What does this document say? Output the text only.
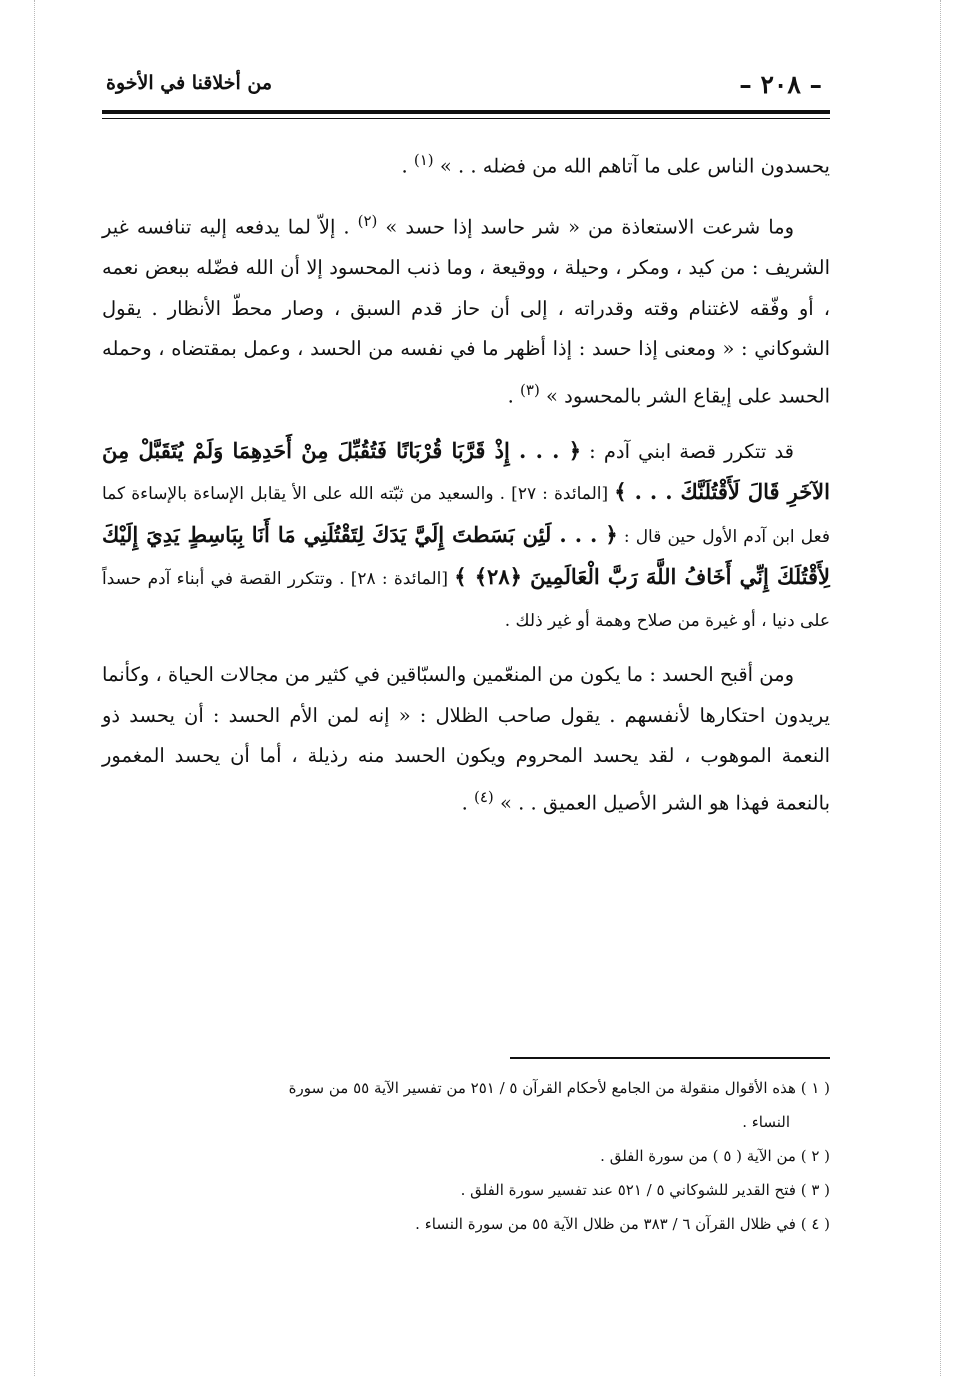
– ٢٠٨ –
من أخلاقنا في الأخوة

يحسدون الناس على ما آتاهم الله من فضله . . » $^{(١)}$ .

وما شرعت الاستعاذة من « شر حاسد إذا حسد » $^{(٢)}$ . إلاّ لما يدفعه إليه تنافسه غير الشريف : من كيد ، ومكر ، وحيلة ، ووقيعة ، وما ذنب المحسود إلا أن الله فضّله ببعض نعمه ، أو وفّقه لاغتنام وقته وقدراته ، إلى أن حاز قدم السبق ، وصار محطّ الأنظار . يقول الشوكاني : « ومعنى إذا حسد : إذا أظهر ما في نفسه من الحسد ، وعمل بمقتضاه ، وحمله الحسد على إيقاع الشر بالمحسود » $^{(٣)}$ .

قد تتكرر قصة ابني آدم : ﴿ . . . إِذْ قَرَّبَا قُرْبَانًا فَتُقُبِّلَ مِنْ أَحَدِهِمَا وَلَمْ يُتَقَبَّلْ مِنَ الآخَرِ قَالَ لَأَقْتُلَنَّكَ . . . ﴾ [المائدة : ٢٧] . والسعيد من ثبّته الله على الأ يقابل الإساءة بالإساءة كما فعل ابن آدم الأول حين قال : ﴿ . . . لَئِن بَسَطتَ إِلَيَّ يَدَكَ لِتَقْتُلَنِي مَا أَنَا بِبَاسِطٍ يَدِيَ إِلَيْكَ لِأَقْتُلَكَ إِنِّي أَخَافُ اللَّهَ رَبَّ الْعَالَمِينَ ﴿٢٨﴾ ﴾ [المائدة : ٢٨] . وتتكرر القصة في أبناء آدم حسداً على دنيا ، أو غيرة من صلاح وهمة أو غير ذلك .

ومن أقبح الحسد : ما يكون من المنعّمين والسبّاقين في كثير من مجالات الحياة ، وكأنما يريدون احتكارها لأنفسهم . يقول صاحب الظلال : « إنه لمن الأم الحسد : أن يحسد ذو النعمة الموهوب ، لقد يحسد المحروم ويكون الحسد منه رذيلة ، أما أن يحسد المغمور بالنعمة فهذا هو الشر الأصيل العميق . . » $^{(٤)}$ .

( ١ ) هذه الأقوال منقولة من الجامع لأحكام القرآن ٥ / ٢٥١ من تفسير الآية ٥٥ من سورة
النساء .
( ٢ ) من الآية ( ٥ ) من سورة الفلق .
( ٣ ) فتح القدير للشوكاني ٥ / ٥٢١ عند تفسير سورة الفلق .
( ٤ ) في ظلال القرآن ٦ / ٣٨٣ من ظلال الآية ٥٥ من سورة النساء .
